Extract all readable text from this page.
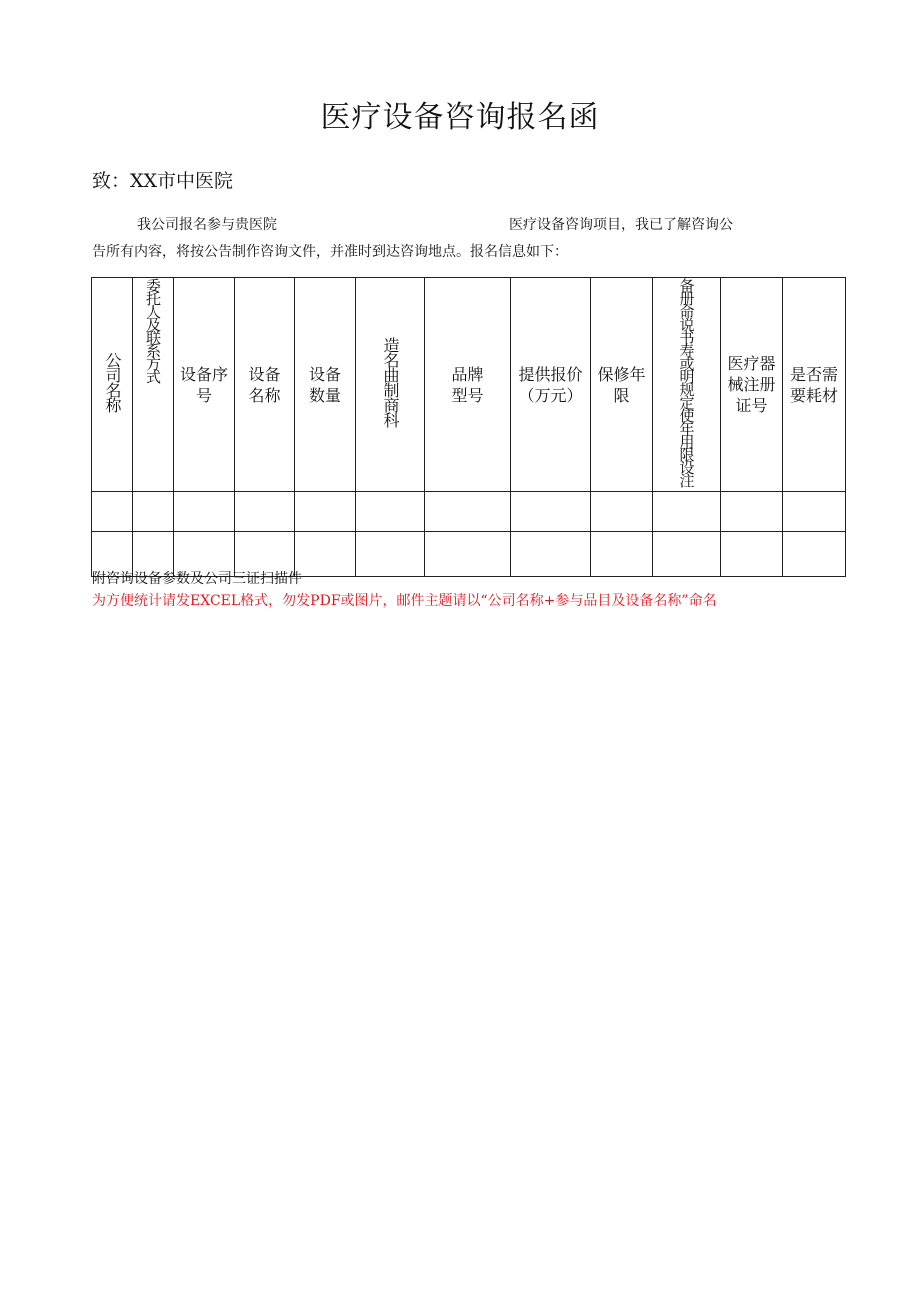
医疗设备咨询报名函
致：XX市中医院
我公司报名参与贵医院	医疗设备咨询项目，我已了解咨询公
告所有内容，将按公告制作咨询文件，并准时到达咨询地点。报名信息如下：
公司名称	委托人及联系方式	设备序号	设备名称	设备数量	造名曲制商科	品牌型号	提供报价（万元）	保修年限	备册命说书寿或明规定使年用限设注	医疗器械注册证号	是否需要耗材

附咨询设备参数及公司三证扫描件
为方便统计请发EXCEL格式，勿发PDF或图片，邮件主题请以“公司名称+参与品目及设备名称”命名
